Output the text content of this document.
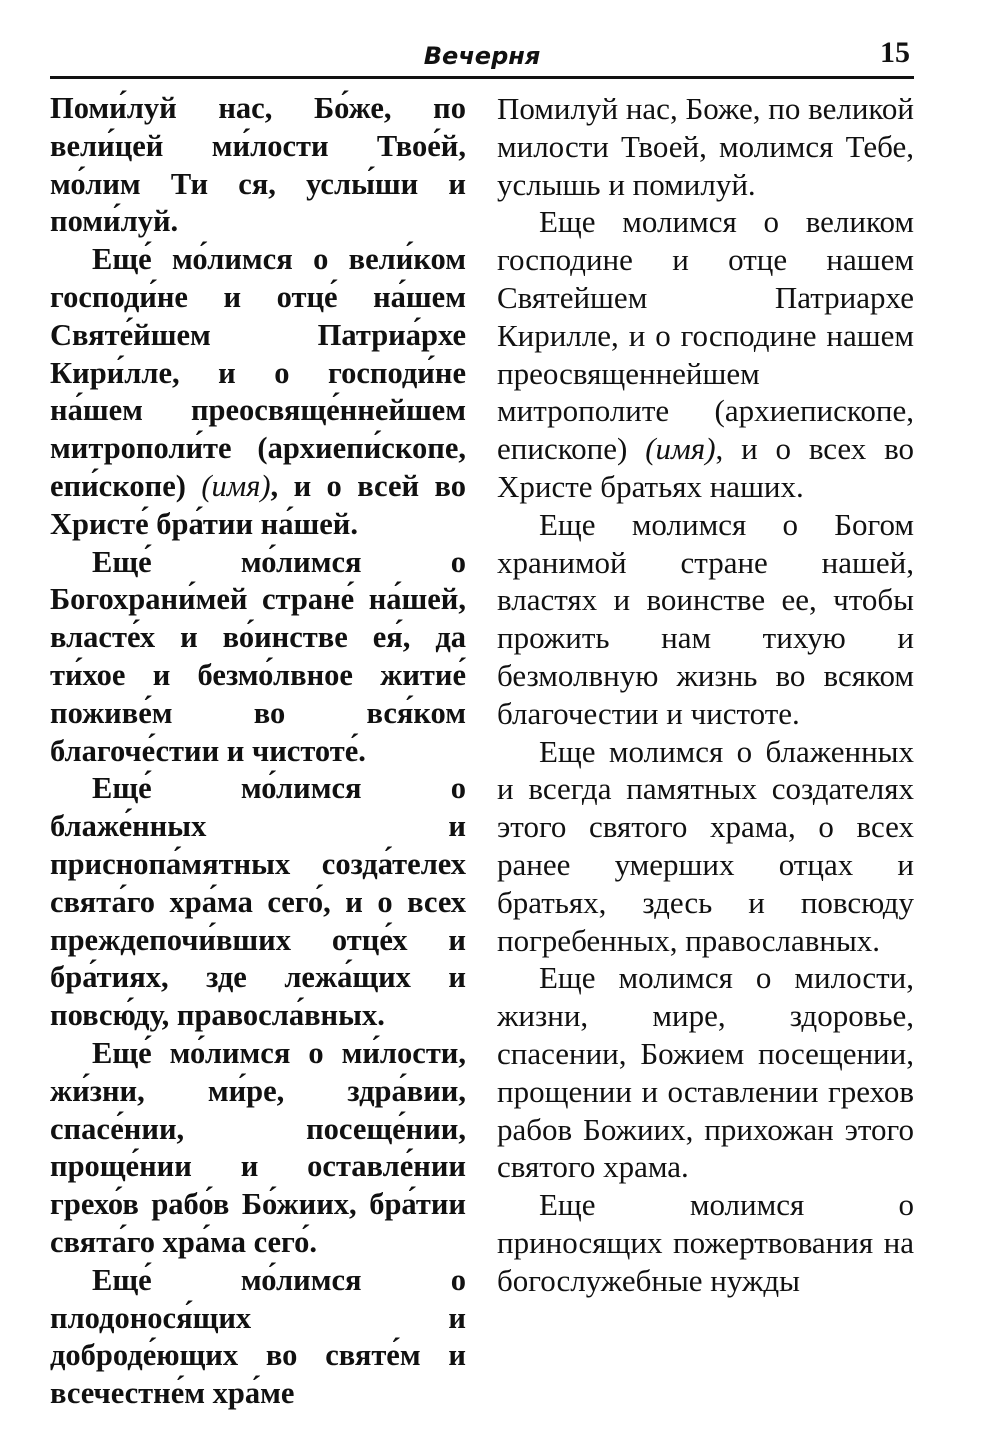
Вечерня	15

Поми́луй нас, Бо́же, по вели́цей ми́лости Твое́й, мо́лим Ти ся, услы́ши и поми́луй.

Еще́ мо́лимся о вели́ком господи́не и отце́ на́шем Святе́йшем Патриа́рхе Кири́лле, и о господи́не на́шем преосвяще́ннейшем митрополи́те (архиепи́скопе, епи́скопе) (имя), и о всей во Христе́ бра́тии на́шей.

Еще́ мо́лимся о Богохрани́мей стране́ на́шей, власте́х и во́инстве ея́, да ти́хое и безмо́лвное житие́ поживе́м во вся́ком благоче́стии и чистоте́.

Еще́ мо́лимся о блаже́нных и приснопа́мятных созда́телех свята́го хра́ма сего́, и о всех преждепочи́вших отце́х и бра́тиях, зде лежа́щих и повсю́ду, правосла́вных.

Еще́ мо́лимся о ми́лости, жи́зни, ми́ре, здра́вии, спасе́нии, посеще́нии, проще́нии и оставле́нии грехо́в рабо́в Бо́жиих, бра́тии свята́го хра́ма сего́.

Еще́ мо́лимся о плодонося́щих и доброде́ющих во святе́м и всечестне́м хра́ме

Помилуй нас, Боже, по великой милости Твоей, молимся Тебе, услышь и помилуй.

Еще молимся о великом господине и отце нашем Святейшем Патриархе Кирилле, и о господине нашем преосвященнейшем митрополите (архиепископе, епископе) (имя), и о всех во Христе братьях наших.

Еще молимся о Богом хранимой стране нашей, властях и воинстве ее, чтобы прожить нам тихую и безмолвную жизнь во всяком благочестии и чистоте.

Еще молимся о блаженных и всегда памятных создателях этого святого храма, о всех ранее умерших отцах и братьях, здесь и повсюду погребенных, православных.

Еще молимся о милости, жизни, мире, здоровье, спасении, Божием посещении, прощении и оставлении грехов рабов Божиих, прихожан этого святого храма.

Еще молимся о приносящих пожертвования на богослужебные нужды
